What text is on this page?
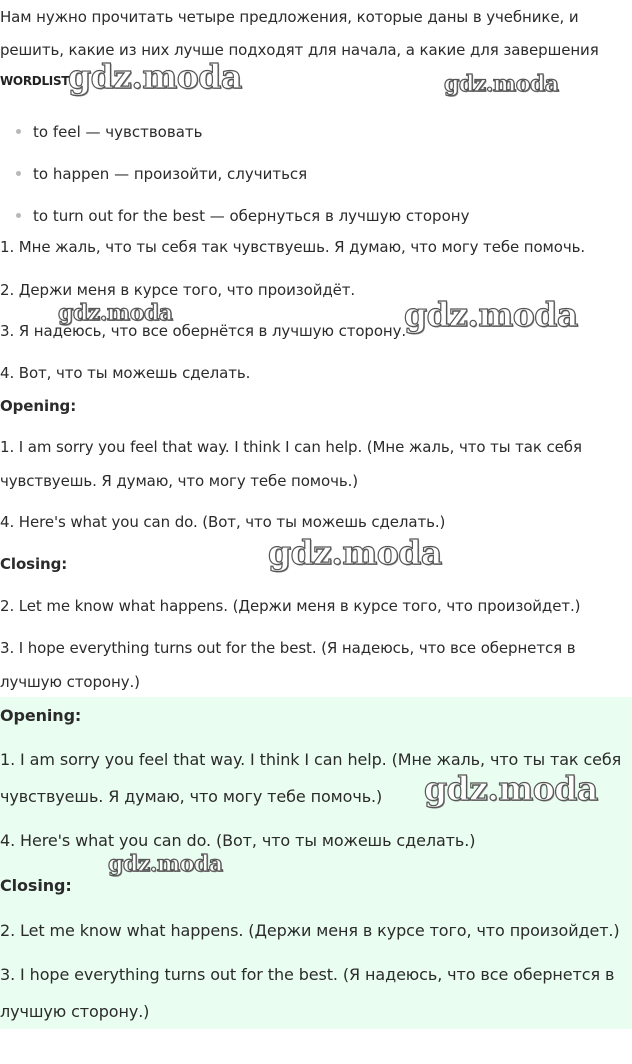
Нам нужно прочитать четыре предложения, которые даны в учебнике, и

решить, какие из них лучше подходят для начала, а какие для завершения

WORDLIST
to feel — чувствовать
to happen — произойти, случиться
to turn out for the best — обернуться в лучшую сторону

1. Мне жаль, что ты себя так чувствуешь. Я думаю, что могу тебе помочь.

2. Держи меня в курсе того, что произойдёт.

3. Я надеюсь, что все обернётся в лучшую сторону.

4. Вот, что ты можешь сделать.

Opening:

1. I am sorry you feel that way. I think I can help. (Мне жаль, что ты так себя

чувствуешь. Я думаю, что могу тебе помочь.)

4. Here's what you can do. (Вот, что ты можешь сделать.)

Closing:

2. Let me know what happens. (Держи меня в курсе того, что произойдет.)

3. I hope everything turns out for the best. (Я надеюсь, что все обернется в

лучшую сторону.)

Opening:

1. I am sorry you feel that way. I think I can help. (Мне жаль, что ты так себя

чувствуешь. Я думаю, что могу тебе помочь.)

4. Here's what you can do. (Вот, что ты можешь сделать.)

Closing:

2. Let me know what happens. (Держи меня в курсе того, что произойдет.)

3. I hope everything turns out for the best. (Я надеюсь, что все обернется в

лучшую сторону.)

gdz.moda	gdz.moda
gdz.moda	gdz.moda
gdz.moda
gdz.moda
gdz.moda
